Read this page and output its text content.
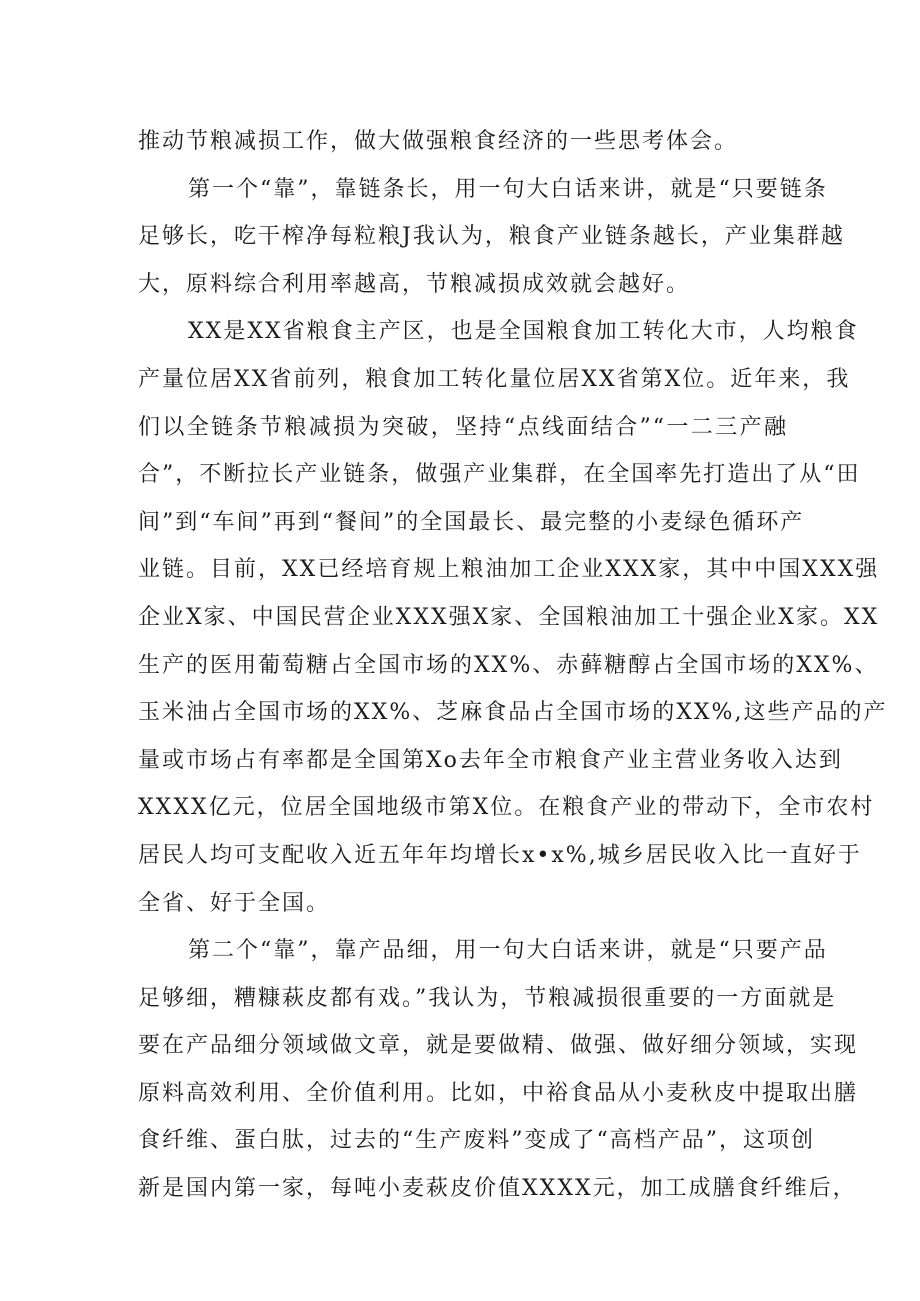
推动节粮减损工作，做大做强粮食经济的一些思考体会。
第一个“靠”，靠链条长，用一句大白话来讲，就是“只要链条
足够长，吃干榨净每粒粮J我认为，粮食产业链条越长，产业集群越
大，原料综合利用率越高，节粮减损成效就会越好。
XX是XX省粮食主产区，也是全国粮食加工转化大市，人均粮食
产量位居XX省前列，粮食加工转化量位居XX省第X位。近年来，我
们以全链条节粮减损为突破，坚持“点线面结合”“一二三产融
合”，不断拉长产业链条，做强产业集群，在全国率先打造出了从“田
间”到“车间”再到“餐间”的全国最长、最完整的小麦绿色循环产
业链。目前，XX已经培育规上粮油加工企业XXX家，其中中国XXX强
企业X家、中国民营企业XXX强X家、全国粮油加工十强企业X家。XX
生产的医用葡萄糖占全国市场的XX%、赤藓糖醇占全国市场的XX%、
玉米油占全国市场的XX%、芝麻食品占全国市场的XX%,这些产品的产
量或市场占有率都是全国第Xo去年全市粮食产业主营业务收入达到
XXXX亿元，位居全国地级市第X位。在粮食产业的带动下，全市农村
居民人均可支配收入近五年年均增长x•x%,城乡居民收入比一直好于
全省、好于全国。
第二个“靠”，靠产品细，用一句大白话来讲，就是“只要产品
足够细，糟糠萩皮都有戏。”我认为，节粮减损很重要的一方面就是
要在产品细分领域做文章，就是要做精、做强、做好细分领域，实现
原料高效利用、全价值利用。比如，中裕食品从小麦秋皮中提取出膳
食纤维、蛋白肽，过去的“生产废料”变成了“高档产品”，这项创
新是国内第一家，每吨小麦萩皮价值XXXX元，加工成膳食纤维后，
